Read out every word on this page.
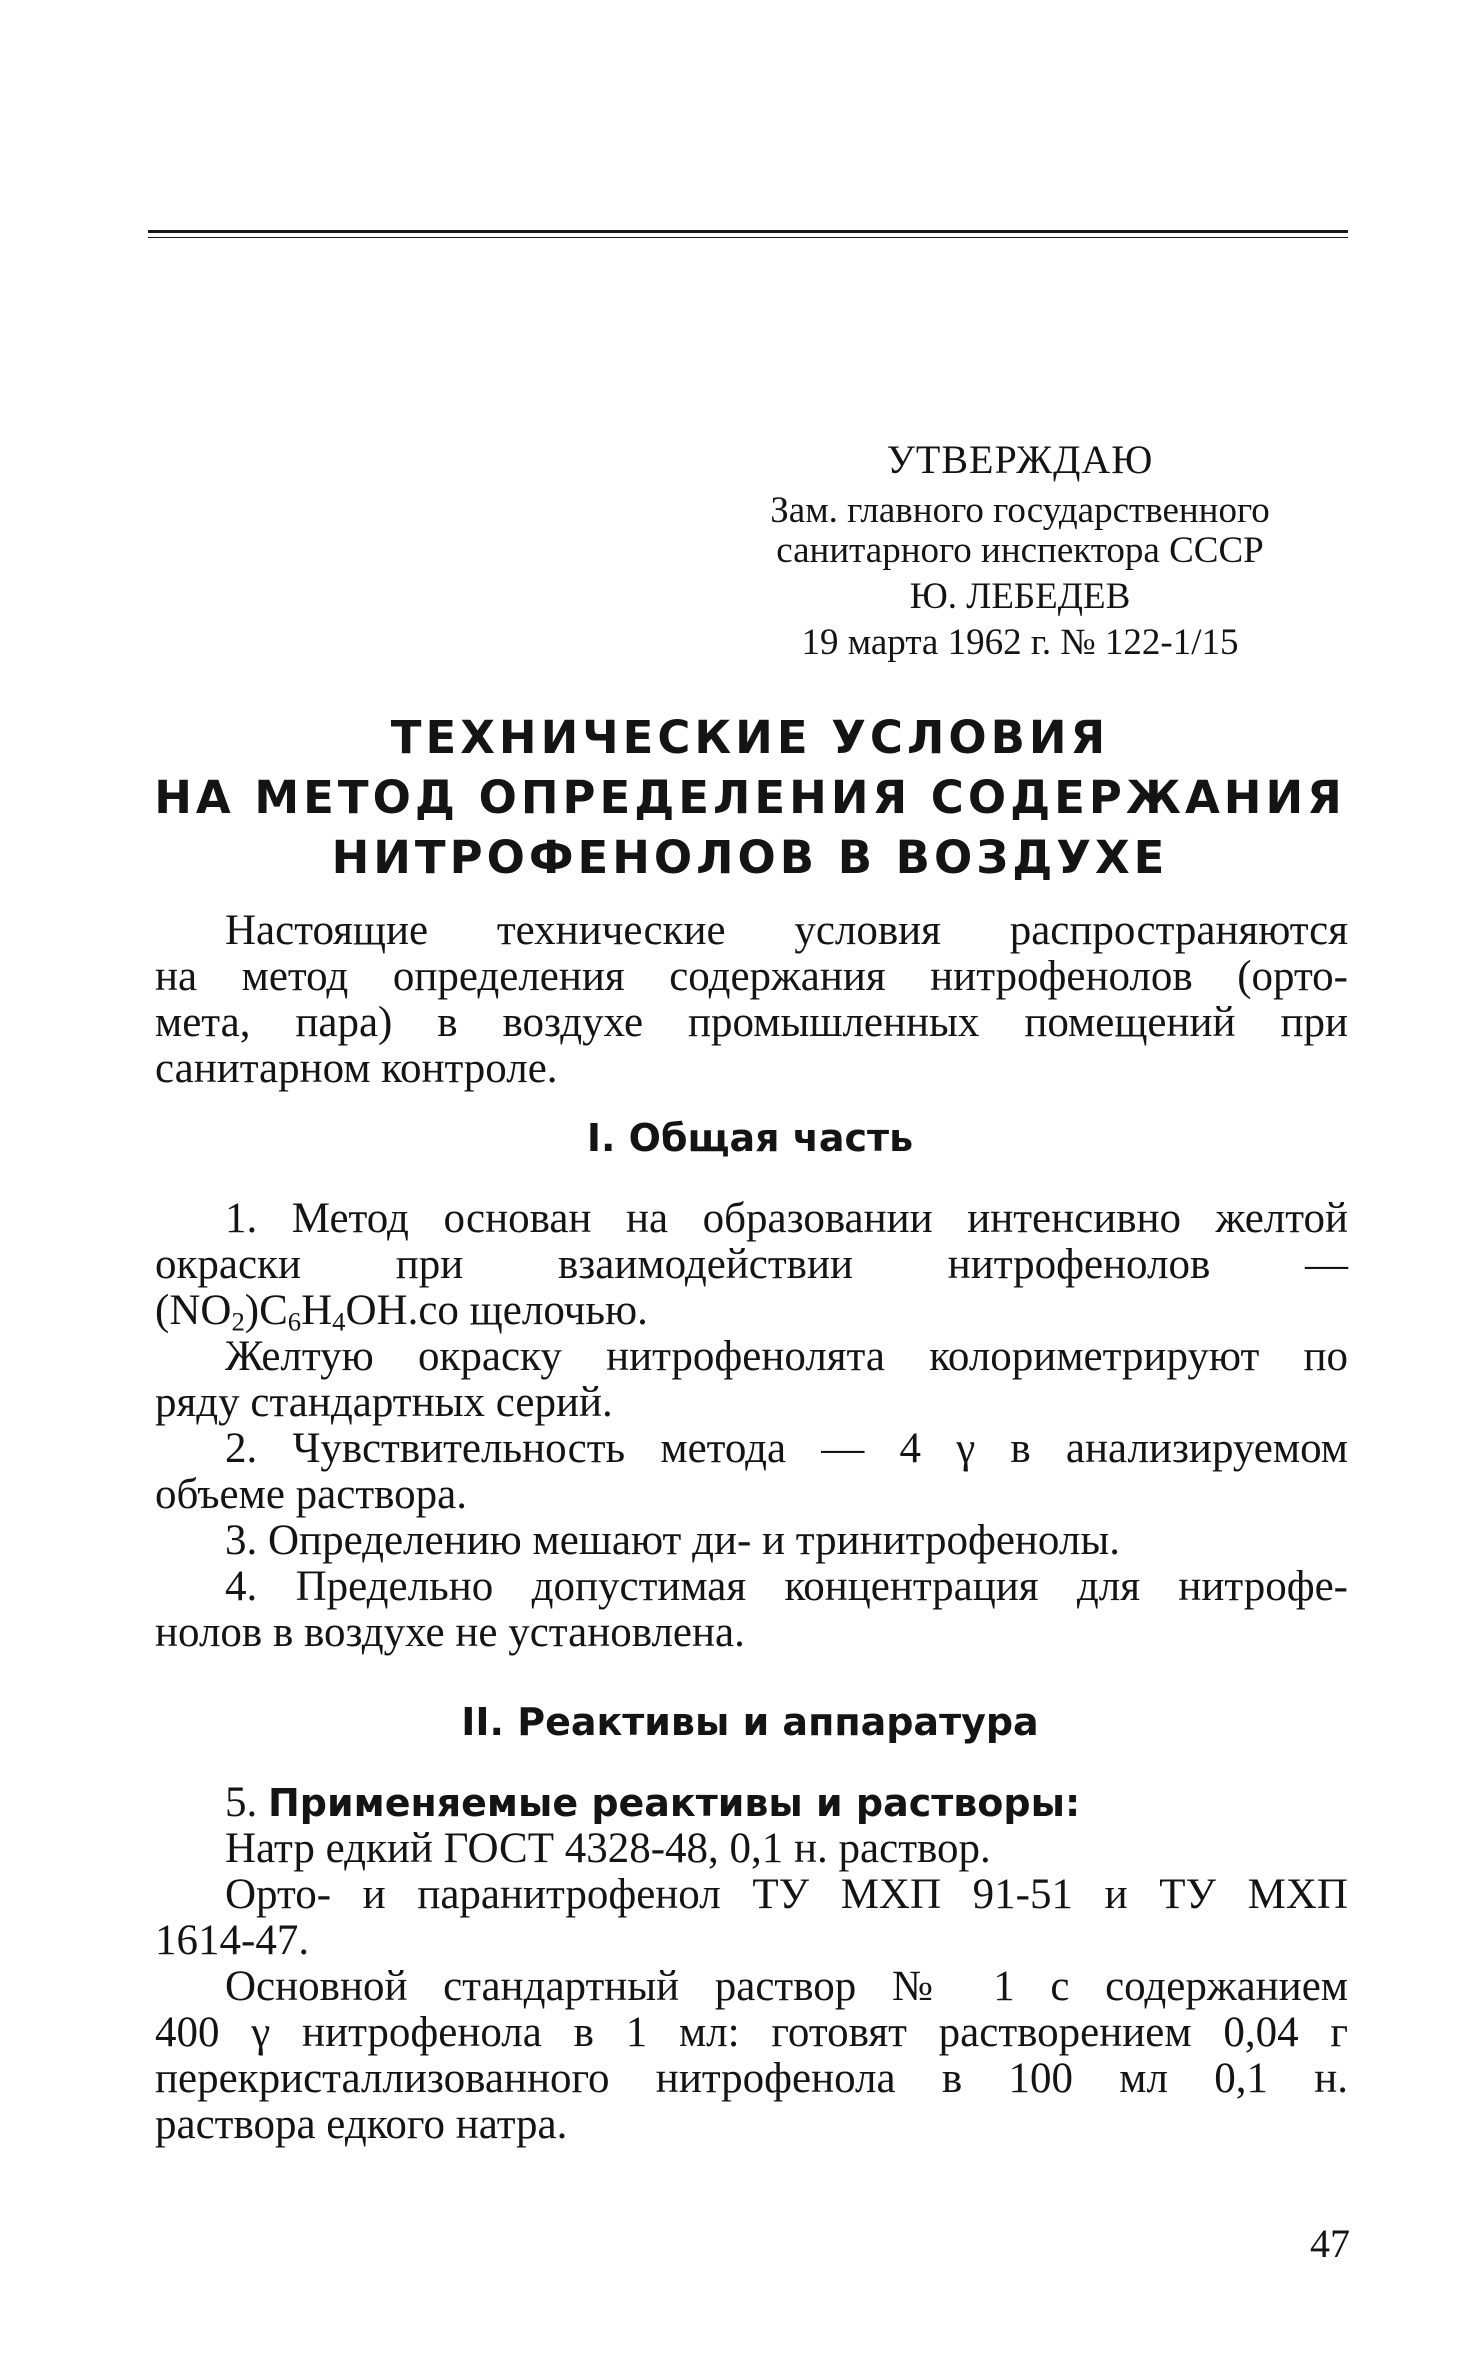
УТВЕРЖДАЮ
Зам. главного государственного
санитарного инспектора СССР
Ю. ЛЕБЕДЕВ
19 марта 1962 г. № 122-1/15
ТЕХНИЧЕСКИЕ УСЛОВИЯ
НА МЕТОД ОПРЕДЕЛЕНИЯ СОДЕРЖАНИЯ
НИТРОФЕНОЛОВ В ВОЗДУХЕ
Настоящие технические условия распространяются
на метод определения содержания нитрофенолов (орто-
мета, пара) в воздухе промышленных помещений при
санитарном контроле.
I. Общая часть
1. Метод основан на образовании интенсивно желтой
окраски при взаимодействии нитрофенолов —
$(NO_2)C_6H_4OH.со$ щелочью.
Желтую окраску нитрофенолята колориметрируют по
ряду стандартных серий.
2. Чувствительность метода — 4 γ в анализируемом
объеме раствора.
3. Определению мешают ди- и тринитрофенолы.
4. Предельно допустимая концентрация для нитрофе-
нолов в воздухе не установлена.
II. Реактивы и аппаратура
5. Применяемые реактивы и растворы:
Натр едкий ГОСТ 4328-48, 0,1 н. раствор.
Орто- и паранитрофенол ТУ МХП 91-51 и ТУ МХП
1614-47.
Основной стандартный раствор № 1 с содержанием
400 γ нитрофенола в 1 мл: готовят растворением 0,04 г
перекристаллизованного нитрофенола в 100 мл 0,1 н.
раствора едкого натра.
47
